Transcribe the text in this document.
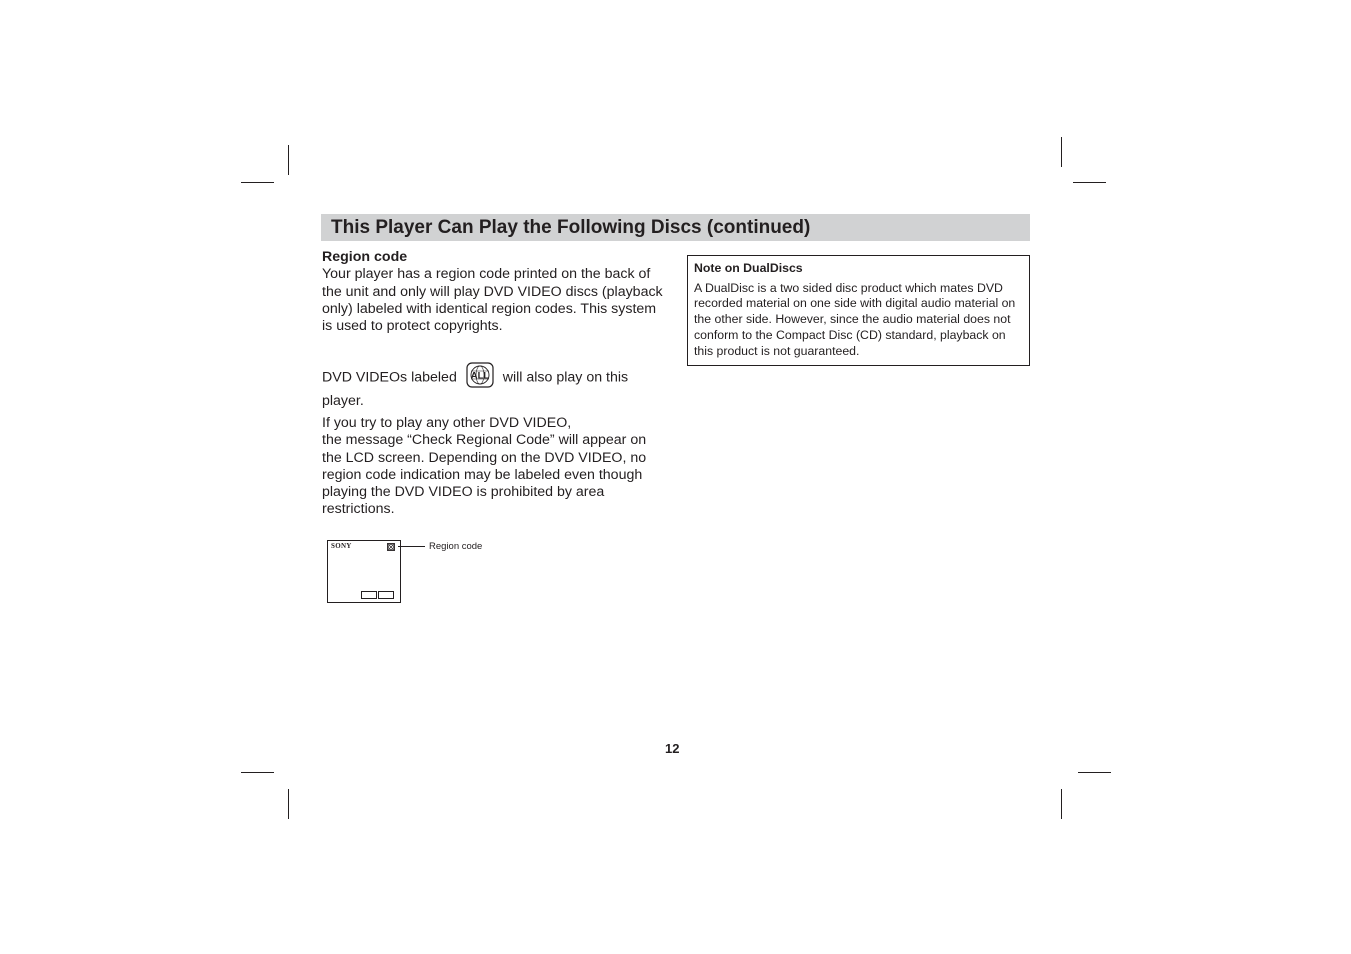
This Player Can Play the Following Discs (continued)

Region code

Your player has a region code printed on the back of the unit and only will play DVD VIDEO discs (playback only) labeled with identical region codes. This system is used to protect copyrights.

DVD VIDEOs labeled ALL will also play on this player.
If you try to play any other DVD VIDEO,
the message “Check Regional Code” will appear on the LCD screen. Depending on the DVD VIDEO, no region code indication may be labeled even though playing the DVD VIDEO is prohibited by area restrictions.
SONY	Region code
Note on DualDiscs
A DualDisc is a two sided disc product which mates DVD recorded material on one side with digital audio material on the other side. However, since the audio material does not conform to the Compact Disc (CD) standard, playback on this product is not guaranteed.
12
